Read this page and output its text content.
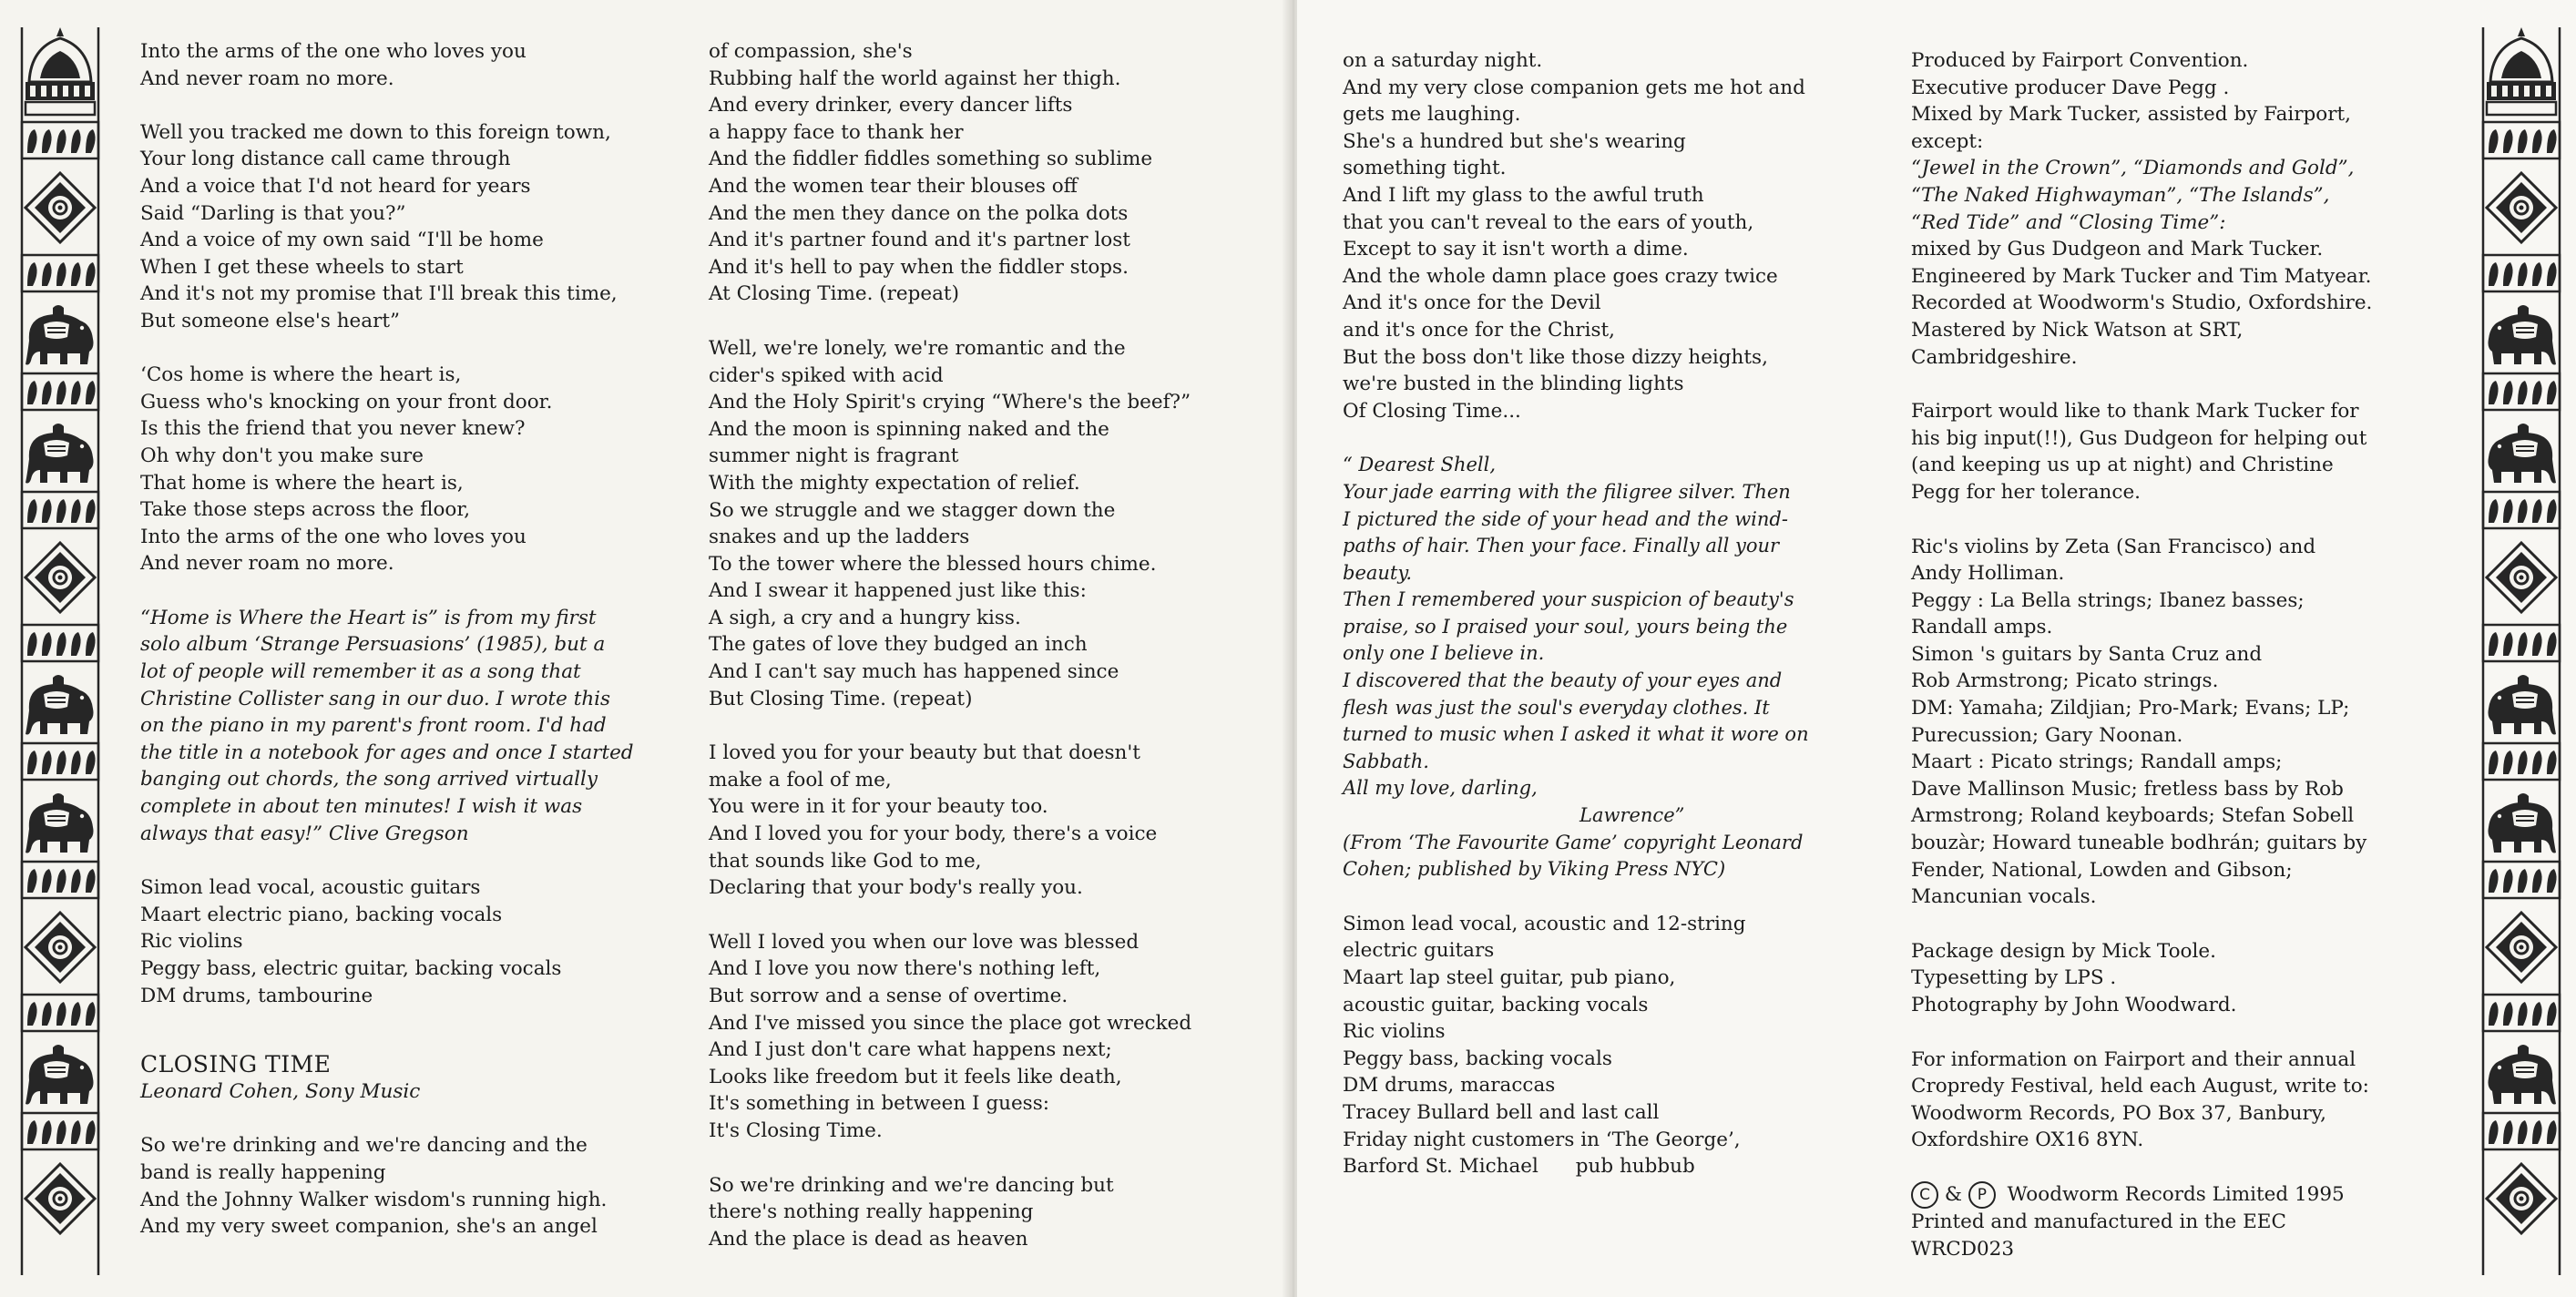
Into the arms of the one who loves you
And never roam no more.
Well you tracked me down to this foreign town,
Your long distance call came through
And a voice that I'd not heard for years
Said “Darling is that you?”
And a voice of my own said “I'll be home
When I get these wheels to start
And it's not my promise that I'll break this time,
But someone else's heart”
‘Cos home is where the heart is,
Guess who's knocking on your front door.
Is this the friend that you never knew?
Oh why don't you make sure
That home is where the heart is,
Take those steps across the floor,
Into the arms of the one who loves you
And never roam no more.
“Home is Where the Heart is” is from my first
solo album ‘Strange Persuasions’ (1985), but a
lot of people will remember it as a song that
Christine Collister sang in our duo. I wrote this
on the piano in my parent's front room. I'd had
the title in a notebook for ages and once I started
banging out chords, the song arrived virtually
complete in about ten minutes! I wish it was
always that easy!” Clive Gregson
Simon lead vocal, acoustic guitars
Maart electric piano, backing vocals
Ric violins
Peggy bass, electric guitar, backing vocals
DM drums, tambourine
CLOSING TIME
Leonard Cohen, Sony Music
So we're drinking and we're dancing and the
band is really happening
And the Johnny Walker wisdom's running high.
And my very sweet companion, she's an angel
of compassion, she's
Rubbing half the world against her thigh.
And every drinker, every dancer lifts
a happy face to thank her
And the fiddler fiddles something so sublime
And the women tear their blouses off
And the men they dance on the polka dots
And it's partner found and it's partner lost
And it's hell to pay when the fiddler stops.
At Closing Time. (repeat)
Well, we're lonely, we're romantic and the
cider's spiked with acid
And the Holy Spirit's crying “Where's the beef?”
And the moon is spinning naked and the
summer night is fragrant
With the mighty expectation of relief.
So we struggle and we stagger down the
snakes and up the ladders
To the tower where the blessed hours chime.
And I swear it happened just like this:
A sigh, a cry and a hungry kiss.
The gates of love they budged an inch
And I can't say much has happened since
But Closing Time. (repeat)
I loved you for your beauty but that doesn't
make a fool of me,
You were in it for your beauty too.
And I loved you for your body, there's a voice
that sounds like God to me,
Declaring that your body's really you.
Well I loved you when our love was blessed
And I love you now there's nothing left,
But sorrow and a sense of overtime.
And I've missed you since the place got wrecked
And I just don't care what happens next;
Looks like freedom but it feels like death,
It's something in between I guess:
It's Closing Time.
So we're drinking and we're dancing but
there's nothing really happening
And the place is dead as heaven
on a saturday night.
And my very close companion gets me hot and
gets me laughing.
She's a hundred but she's wearing
something tight.
And I lift my glass to the awful truth
that you can't reveal to the ears of youth,
Except to say it isn't worth a dime.
And the whole damn place goes crazy twice
And it's once for the Devil
and it's once for the Christ,
But the boss don't like those dizzy heights,
we're busted in the blinding lights
Of Closing Time...
“ Dearest Shell,
Your jade earring with the filigree silver. Then
I pictured the side of your head and the wind-
paths of hair. Then your face. Finally all your
beauty.
Then I remembered your suspicion of beauty's
praise, so I praised your soul, yours being the
only one I believe in.
I discovered that the beauty of your eyes and
flesh was just the soul's everyday clothes. It
turned to music when I asked it what it wore on
Sabbath.
All my love, darling,
Lawrence”
(From ‘The Favourite Game’ copyright Leonard
Cohen; published by Viking Press NYC)
Simon lead vocal, acoustic and 12-string
electric guitars
Maart lap steel guitar, pub piano,
acoustic guitar, backing vocals
Ric violins
Peggy bass, backing vocals
DM drums, maraccas
Tracey Bullard bell and last call
Friday night customers in ‘The George’,
Barford St. Michael pub hubbub
Produced by Fairport Convention.
Executive producer Dave Pegg .
Mixed by Mark Tucker, assisted by Fairport,
except:
“Jewel in the Crown”, “Diamonds and Gold”,
“The Naked Highwayman”, “The Islands”,
“Red Tide” and “Closing Time”:
mixed by Gus Dudgeon and Mark Tucker.
Engineered by Mark Tucker and Tim Matyear.
Recorded at Woodworm's Studio, Oxfordshire.
Mastered by Nick Watson at SRT,
Cambridgeshire.
Fairport would like to thank Mark Tucker for
his big input(!!), Gus Dudgeon for helping out
(and keeping us up at night) and Christine
Pegg for her tolerance.
Ric's violins by Zeta (San Francisco) and
Andy Holliman.
Peggy : La Bella strings; Ibanez basses;
Randall amps.
Simon 's guitars by Santa Cruz and
Rob Armstrong; Picato strings.
DM: Yamaha; Zildjian; Pro-Mark; Evans; LP;
Purecussion; Gary Noonan.
Maart : Picato strings; Randall amps;
Dave Mallinson Music; fretless bass by Rob
Armstrong; Roland keyboards; Stefan Sobell
bouzàr; Howard tuneable bodhrán; guitars by
Fender, National, Lowden and Gibson;
Mancunian vocals.
Package design by Mick Toole.
Typesetting by LPS .
Photography by John Woodward.
For information on Fairport and their annual
Cropredy Festival, held each August, write to:
Woodworm Records, PO Box 37, Banbury,
Oxfordshire OX16 8YN.
C & P Woodworm Records Limited 1995
Printed and manufactured in the EEC
WRCD023
